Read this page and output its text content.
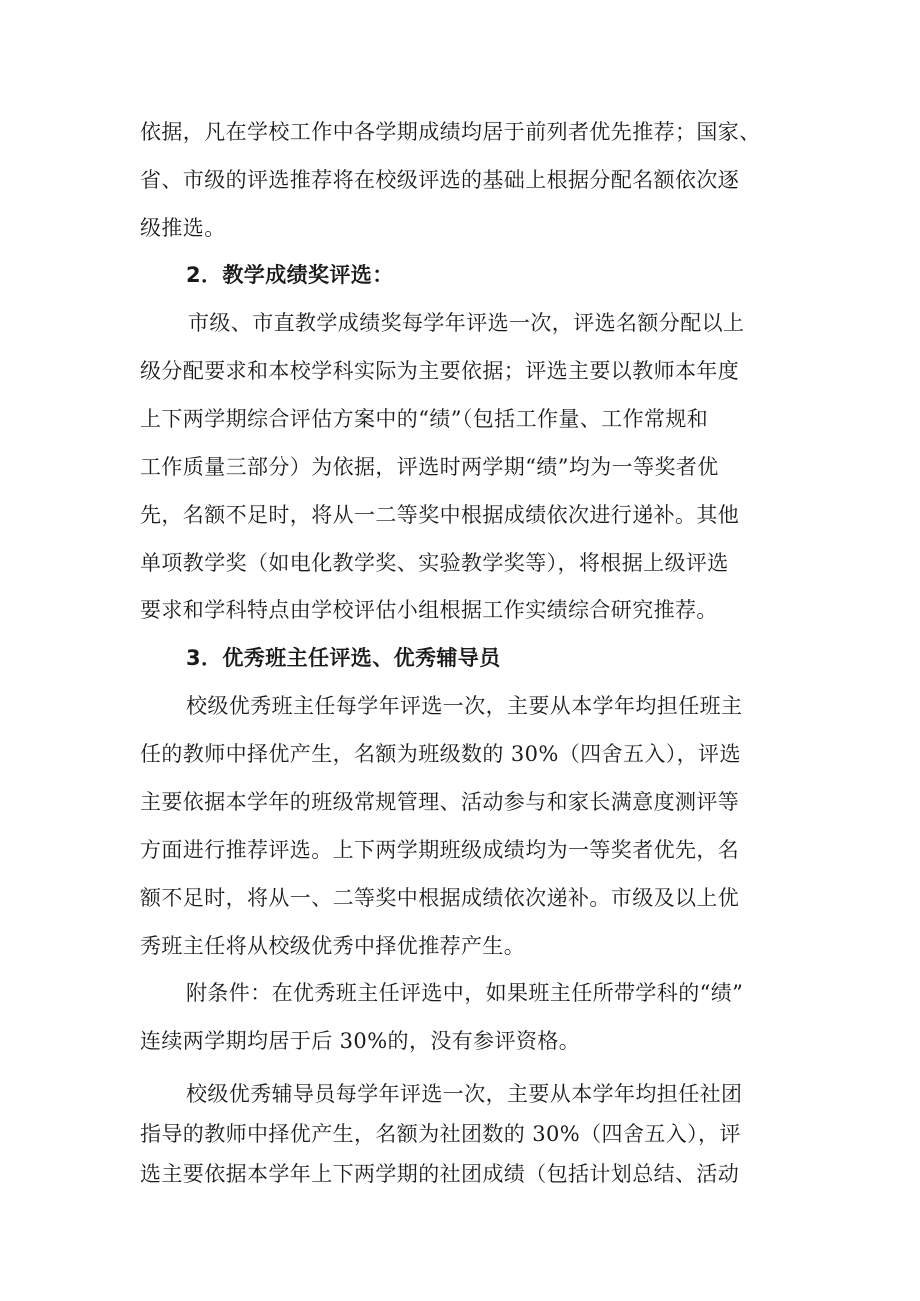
依据，凡在学校工作中各学期成绩均居于前列者优先推荐；国家、
省、市级的评选推荐将在校级评选的基础上根据分配名额依次逐
级推选。
2．教学成绩奖评选：
市级、市直教学成绩奖每学年评选一次，评选名额分配以上
级分配要求和本校学科实际为主要依据；评选主要以教师本年度
上下两学期综合评估方案中的“绩”（包括工作量、工作常规和
工作质量三部分）为依据，评选时两学期“绩”均为一等奖者优
先，名额不足时，将从一二等奖中根据成绩依次进行递补。其他
单项教学奖（如电化教学奖、实验教学奖等），将根据上级评选
要求和学科特点由学校评估小组根据工作实绩综合研究推荐。
3．优秀班主任评选、优秀辅导员
校级优秀班主任每学年评选一次，主要从本学年均担任班主
任的教师中择优产生，名额为班级数的 30%（四舍五入），评选
主要依据本学年的班级常规管理、活动参与和家长满意度测评等
方面进行推荐评选。上下两学期班级成绩均为一等奖者优先，名
额不足时，将从一、二等奖中根据成绩依次递补。市级及以上优
秀班主任将从校级优秀中择优推荐产生。
附条件：在优秀班主任评选中，如果班主任所带学科的“绩”
连续两学期均居于后 30%的，没有参评资格。
校级优秀辅导员每学年评选一次，主要从本学年均担任社团
指导的教师中择优产生，名额为社团数的 30%（四舍五入），评
选主要依据本学年上下两学期的社团成绩（包括计划总结、活动
